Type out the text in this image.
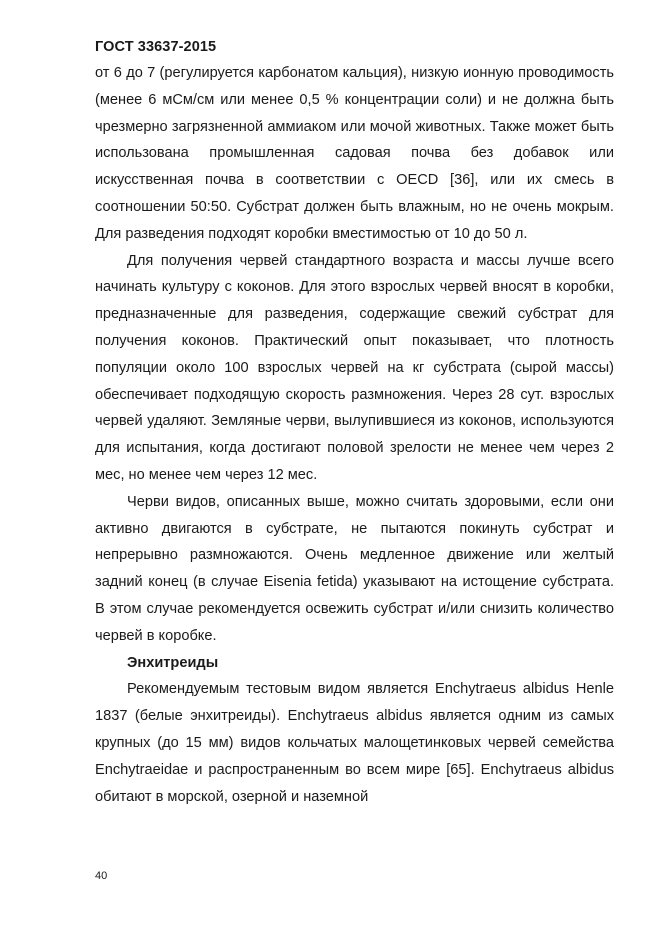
ГОСТ 33637-2015

от 6 до 7 (регулируется карбонатом кальция), низкую ионную проводимость (менее 6 мСм/см или менее 0,5 % концентрации соли) и не должна быть чрезмерно загрязненной аммиаком или мочой животных. Также может быть использована промышленная садовая почва без добавок или искусственная почва в соответствии с OECD [36], или их смесь в соотношении 50:50. Субстрат должен быть влажным, но не очень мокрым. Для разведения подходят коробки вместимостью от 10 до 50 л.

Для получения червей стандартного возраста и массы лучше всего начинать культуру с коконов. Для этого взрослых червей вносят в коробки, предназначенные для разведения, содержащие свежий субстрат для получения коконов. Практический опыт показывает, что плотность популяции около 100 взрослых червей на кг субстрата (сырой массы) обеспечивает подходящую скорость размножения. Через 28 сут. взрослых червей удаляют. Земляные черви, вылупившиеся из коконов, используются для испытания, когда достигают половой зрелости не менее чем через 2 мес, но менее чем через 12 мес.

Черви видов, описанных выше, можно считать здоровыми, если они активно двигаются в субстрате, не пытаются покинуть субстрат и непрерывно размножаются. Очень медленное движение или желтый задний конец (в случае Eisenia fetida) указывают на истощение субстрата. В этом случае рекомендуется освежить субстрат и/или снизить количество червей в коробке.

Энхитреиды

Рекомендуемым тестовым видом является Enchytraeus albidus Henle 1837 (белые энхитреиды). Enchytraeus albidus является одним из самых крупных (до 15 мм) видов кольчатых малощетинковых червей семейства Enchytraeidae и распространенным во всем мире [65]. Enchytraeus albidus обитают в морской, озерной и наземной

40
